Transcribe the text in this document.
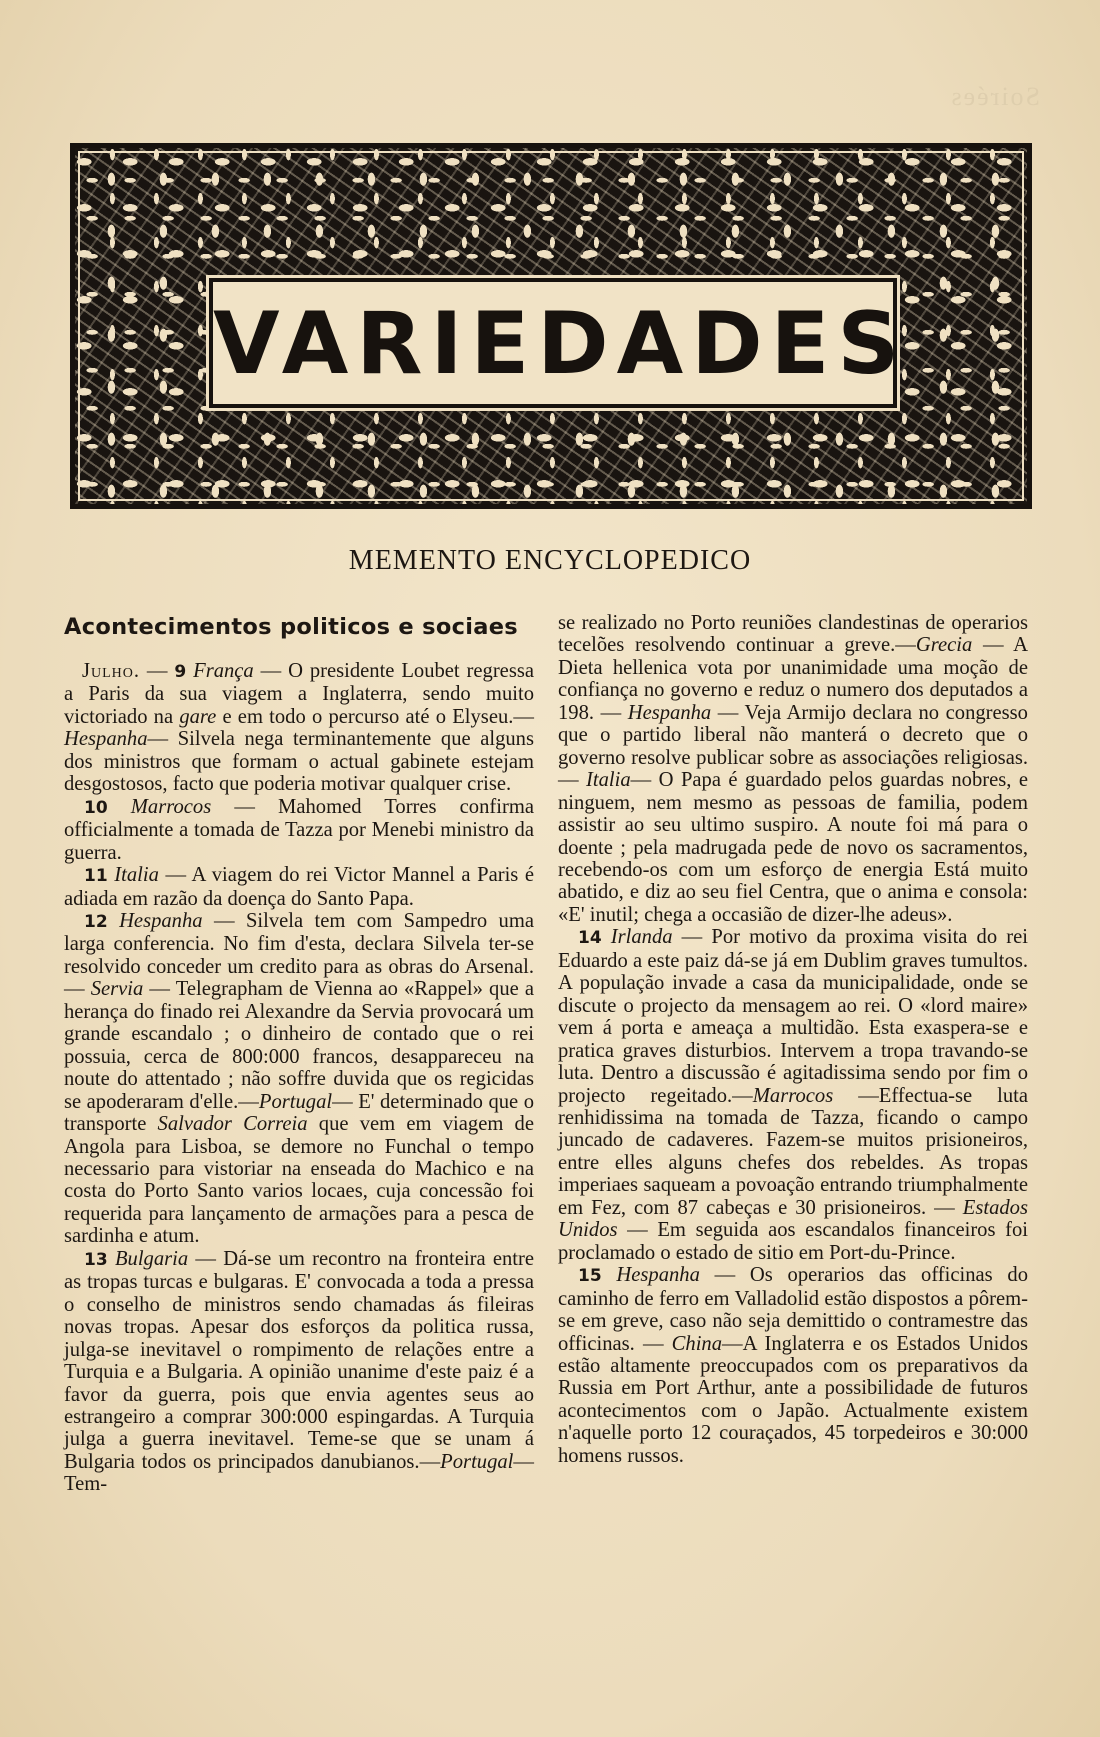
Soirées
VARIEDADES
MEMENTO ENCYCLOPEDICO
Acontecimentos politicos e sociaes

Julho. — 9 França — O presidente Loubet regressa a Paris da sua viagem a Inglaterra, sendo muito victoriado na gare e em todo o percurso até o Elyseu.—Hespanha— Silvela nega terminantemente que alguns dos ministros que formam o actual gabinete estejam desgostosos, facto que poderia motivar qualquer crise.

10 Marrocos — Mahomed Torres confirma officialmente a tomada de Tazza por Menebi ministro da guerra.

11 Italia — A viagem do rei Victor Mannel a Paris é adiada em razão da doença do Santo Papa.

12 Hespanha — Silvela tem com Sampedro uma larga conferencia. No fim d'esta, declara Silvela ter-se resolvido conceder um credito para as obras do Arsenal. — Servia — Telegrapham de Vienna ao «Rappel» que a herança do finado rei Alexandre da Servia provocará um grande escandalo ; o dinheiro de contado que o rei possuia, cerca de 800:000 francos, desappareceu na noute do attentado ; não soffre duvida que os regicidas se apoderaram d'elle.—Portugal— E' determinado que o transporte Salvador Correia que vem em viagem de Angola para Lisboa, se demore no Funchal o tempo necessario para vistoriar na enseada do Machico e na costa do Porto Santo varios locaes, cuja concessão foi requerida para lançamento de armações para a pesca de sardinha e atum.

13 Bulgaria — Dá-se um recontro na fronteira entre as tropas turcas e bulgaras. E' convocada a toda a pressa o conselho de ministros sendo chamadas ás fileiras novas tropas. Apesar dos esforços da politica russa, julga-se inevitavel o rompimento de relações entre a Turquia e a Bulgaria. A opinião unanime d'este paiz é a favor da guerra, pois que envia agentes seus ao estrangeiro a comprar 300:000 espingardas. A Turquia julga a guerra inevitavel. Teme-se que se unam á Bulgaria todos os principados danubianos.—Portugal—Tem-

se realizado no Porto reuniões clandestinas de operarios tecelões resolvendo continuar a greve.—Grecia — A Dieta hellenica vota por unanimidade uma moção de confiança no governo e reduz o numero dos deputados a 198. — Hespanha — Veja Armijo declara no congresso que o partido liberal não manterá o decreto que o governo resolve publicar sobre as associações religiosas. — Italia— O Papa é guardado pelos guardas nobres, e ninguem, nem mesmo as pessoas de familia, podem assistir ao seu ultimo suspiro. A noute foi má para o doente ; pela madrugada pede de novo os sacramentos, recebendo-os com um esforço de energia Está muito abatido, e diz ao seu fiel Centra, que o anima e consola: «E' inutil; chega a occasião de dizer-lhe adeus».

14 Irlanda — Por motivo da proxima visita do rei Eduardo a este paiz dá-se já em Dublim graves tumultos. A população invade a casa da municipalidade, onde se discute o projecto da mensagem ao rei. O «lord maire» vem á porta e ameaça a multidão. Esta exaspera-se e pratica graves disturbios. Intervem a tropa travando-se luta. Dentro a discussão é agitadissima sendo por fim o projecto regeitado.—Marrocos —Effectua-se luta renhidissima na tomada de Tazza, ficando o campo juncado de cadaveres. Fazem-se muitos prisioneiros, entre elles alguns chefes dos rebeldes. As tropas imperiaes saqueam a povoação entrando triumphalmente em Fez, com 87 cabeças e 30 prisioneiros. — Estados Unidos — Em seguida aos escandalos financeiros foi proclamado o estado de sitio em Port-du-Prince.

15 Hespanha — Os operarios das officinas do caminho de ferro em Valladolid estão dispostos a pôrem-se em greve, caso não seja demittido o contramestre das officinas. — China—A Inglaterra e os Estados Unidos estão altamente preoccupados com os preparativos da Russia em Port Arthur, ante a possibilidade de futuros acontecimentos com o Japão. Actualmente existem n'aquelle porto 12 couraçados, 45 torpedeiros e 30:000 homens russos.
